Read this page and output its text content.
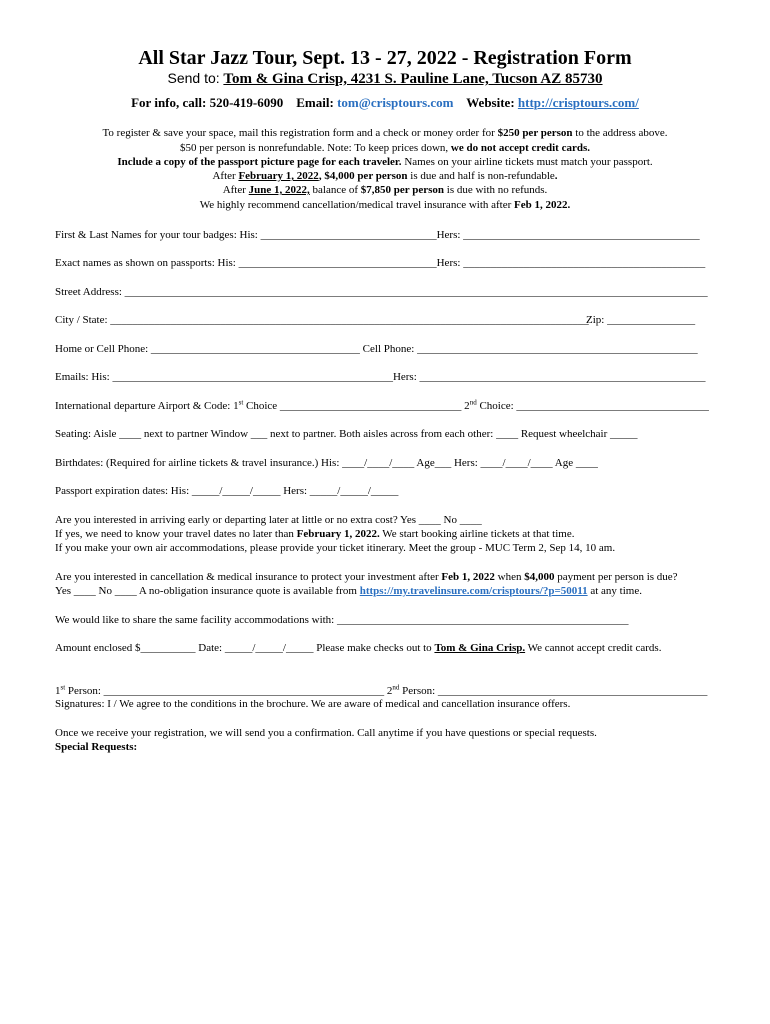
All Star Jazz Tour, Sept. 13 - 27, 2022 - Registration Form
Send to: Tom & Gina Crisp, 4231 S. Pauline Lane, Tucson AZ 85730
For info, call: 520-419-6090 Email: tom@crisptours.com Website: http://crisptours.com/
To register & save your space, mail this registration form and a check or money order for $250 per person to the address above.
$50 per person is nonrefundable. Note: To keep prices down, we do not accept credit cards.
Include a copy of the passport picture page for each traveler. Names on your airline tickets must match your passport.
After February 1, 2022, $4,000 per person is due and half is non-refundable.
After June 1, 2022, balance of $7,850 per person is due with no refunds.
We highly recommend cancellation/medical travel insurance with after Feb 1, 2022.
First & Last Names for your tour badges: His: ________________________________Hers: ___________________________________________
Exact names as shown on passports: His: ____________________________________Hers: ____________________________________________
Street Address: __________________________________________________________________________________________________________
City / State: _______________________________________________________________________________________
Zip: ________________
Home or Cell Phone: ______________________________________ Cell Phone: ___________________________________________________
Emails: His: ___________________________________________________Hers: ____________________________________________________
International departure Airport & Code: 1st Choice _________________________________ 2nd Choice: ___________________________________
Seating: Aisle ____ next to partner Window ___ next to partner. Both aisles across from each other: ____ Request wheelchair _____
Birthdates: (Required for airline tickets & travel insurance.) His: ____/____/____ Age___ Hers: ____/____/____ Age ____
Passport expiration dates: His: _____/_____/_____ Hers: _____/_____/_____
Are you interested in arriving early or departing later at little or no extra cost? Yes ____ No ____
If yes, we need to know your travel dates no later than February 1, 2022. We start booking airline tickets at that time.
If you make your own air accommodations, please provide your ticket itinerary. Meet the group - MUC Term 2, Sep 14, 10 am.
Are you interested in cancellation & medical insurance to protect your investment after Feb 1, 2022 when $4,000 payment per person is due?
Yes ____ No ____ A no-obligation insurance quote is available from https://my.travelinsure.com/crisptours/?p=50011 at any time.
We would like to share the same facility accommodations with: _____________________________________________________
Amount enclosed $__________ Date: _____/_____/_____ Please make checks out to Tom & Gina Crisp. We cannot accept credit cards.
1st Person: ___________________________________________________ 2nd Person: _________________________________________________
Signatures: I / We agree to the conditions in the brochure. We are aware of medical and cancellation insurance offers.
Once we receive your registration, we will send you a confirmation. Call anytime if you have questions or special requests.
Special Requests:
